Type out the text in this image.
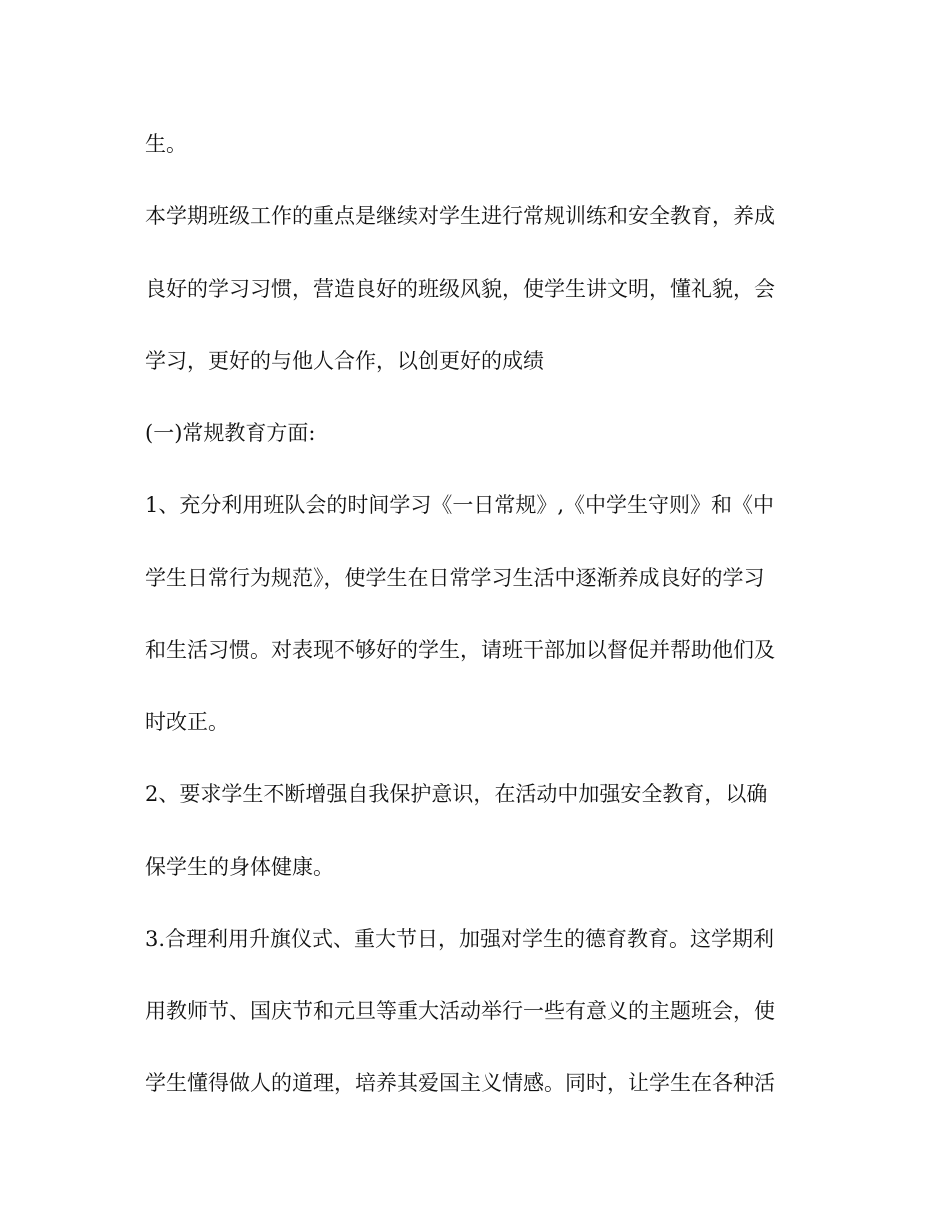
生。

本学期班级工作的重点是继续对学生进行常规训练和安全教育，养成

良好的学习习惯，营造良好的班级风貌，使学生讲文明，懂礼貌，会

学习，更好的与他人合作，以创更好的成绩

(一)常规教育方面:

1、充分利用班队会的时间学习《一日常规》,《中学生守则》和《中

学生日常行为规范》，使学生在日常学习生活中逐渐养成良好的学习

和生活习惯。对表现不够好的学生，请班干部加以督促并帮助他们及

时改正。

2、要求学生不断增强自我保护意识，在活动中加强安全教育，以确

保学生的身体健康。

3.合理利用升旗仪式、重大节日，加强对学生的德育教育。这学期利

用教师节、国庆节和元旦等重大活动举行一些有意义的主题班会，使

学生懂得做人的道理，培养其爱国主义情感。同时，让学生在各种活
